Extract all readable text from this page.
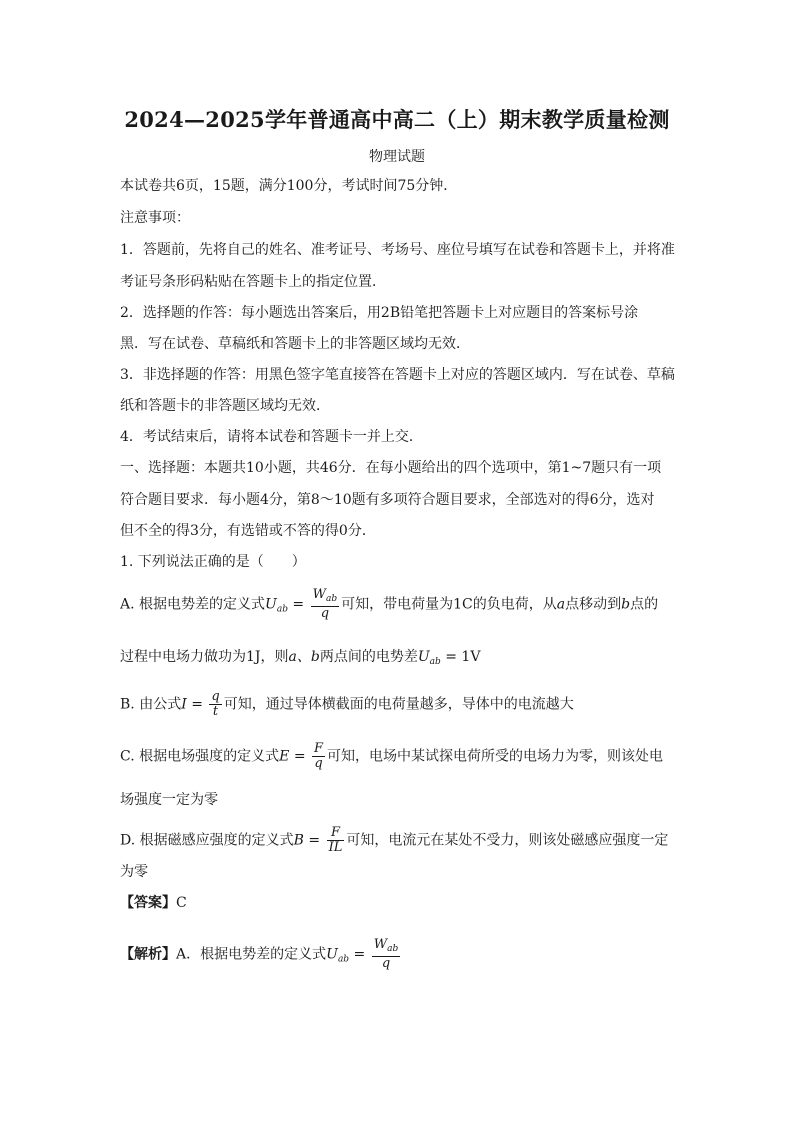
2024—2025学年普通高中高二（上）期末教学质量检测
物理试题
本试卷共6页，15题，满分100分，考试时间75分钟．
注意事项：
1．答题前，先将自己的姓名、准考证号、考场号、座位号填写在试卷和答题卡上，并将准
考证号条形码粘贴在答题卡上的指定位置．
2．选择题的作答：每小题选出答案后，用2B铅笔把答题卡上对应题目的答案标号涂
黑．写在试卷、草稿纸和答题卡上的非答题区域均无效．
3．非选择题的作答：用黑色签字笔直接答在答题卡上对应的答题区域内．写在试卷、草稿
纸和答题卡的非答题区域均无效．
4．考试结束后，请将本试卷和答题卡一并上交．
一、选择题：本题共10小题，共46分．在每小题给出的四个选项中，第1~7题只有一项
符合题目要求．每小题4分，第8～10题有多项符合题目要求，全部选对的得6分，选对
但不全的得3分，有选错或不答的得0分．
1. 下列说法正确的是（　　）
A. 根据电势差的定义式$U_{ab} = \frac{W_{ab}}{q}$ 可知，带电荷量为1C的负电荷，从a点移动到b点的
过程中电场力做功为1J，则a、b两点间的电势差$U_{ab} = 1V$
B. 由公式$I = \frac{q}{t}$ 可知，通过导体横截面的电荷量越多，导体中的电流越大
C. 根据电场强度的定义式$E = \frac{F}{q}$ 可知，电场中某试探电荷所受的电场力为零，则该处电
场强度一定为零
D. 根据磁感应强度的定义式$B = \frac{F}{IL}$ 可知，电流元在某处不受力，则该处磁感应强度一定
为零
【答案】C
【解析】A．根据电势差的定义式$U_{ab} = \frac{W_{ab}}{q}$
